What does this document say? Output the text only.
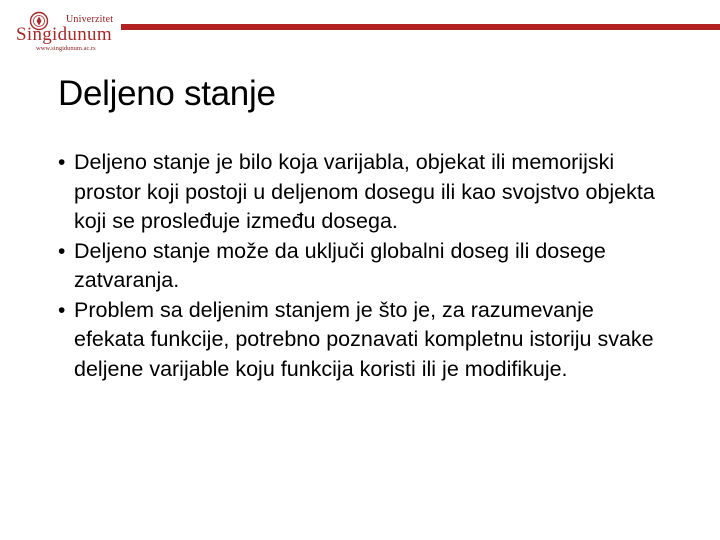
Univerzitet
Singidunum
www.singidunum.ac.rs
Deljeno stanje
• Deljeno stanje je bilo koja varijabla, objekat ili memorijski prostor koji postoji u deljenom dosegu ili kao svojstvo objekta koji se prosleđuje između dosega.
• Deljeno stanje može da uključi globalni doseg ili dosege zatvaranja.
• Problem sa deljenim stanjem je što je, za razumevanje efekata funkcije, potrebno poznavati kompletnu istoriju svake deljene varijable koju funkcija koristi ili je modifikuje.
